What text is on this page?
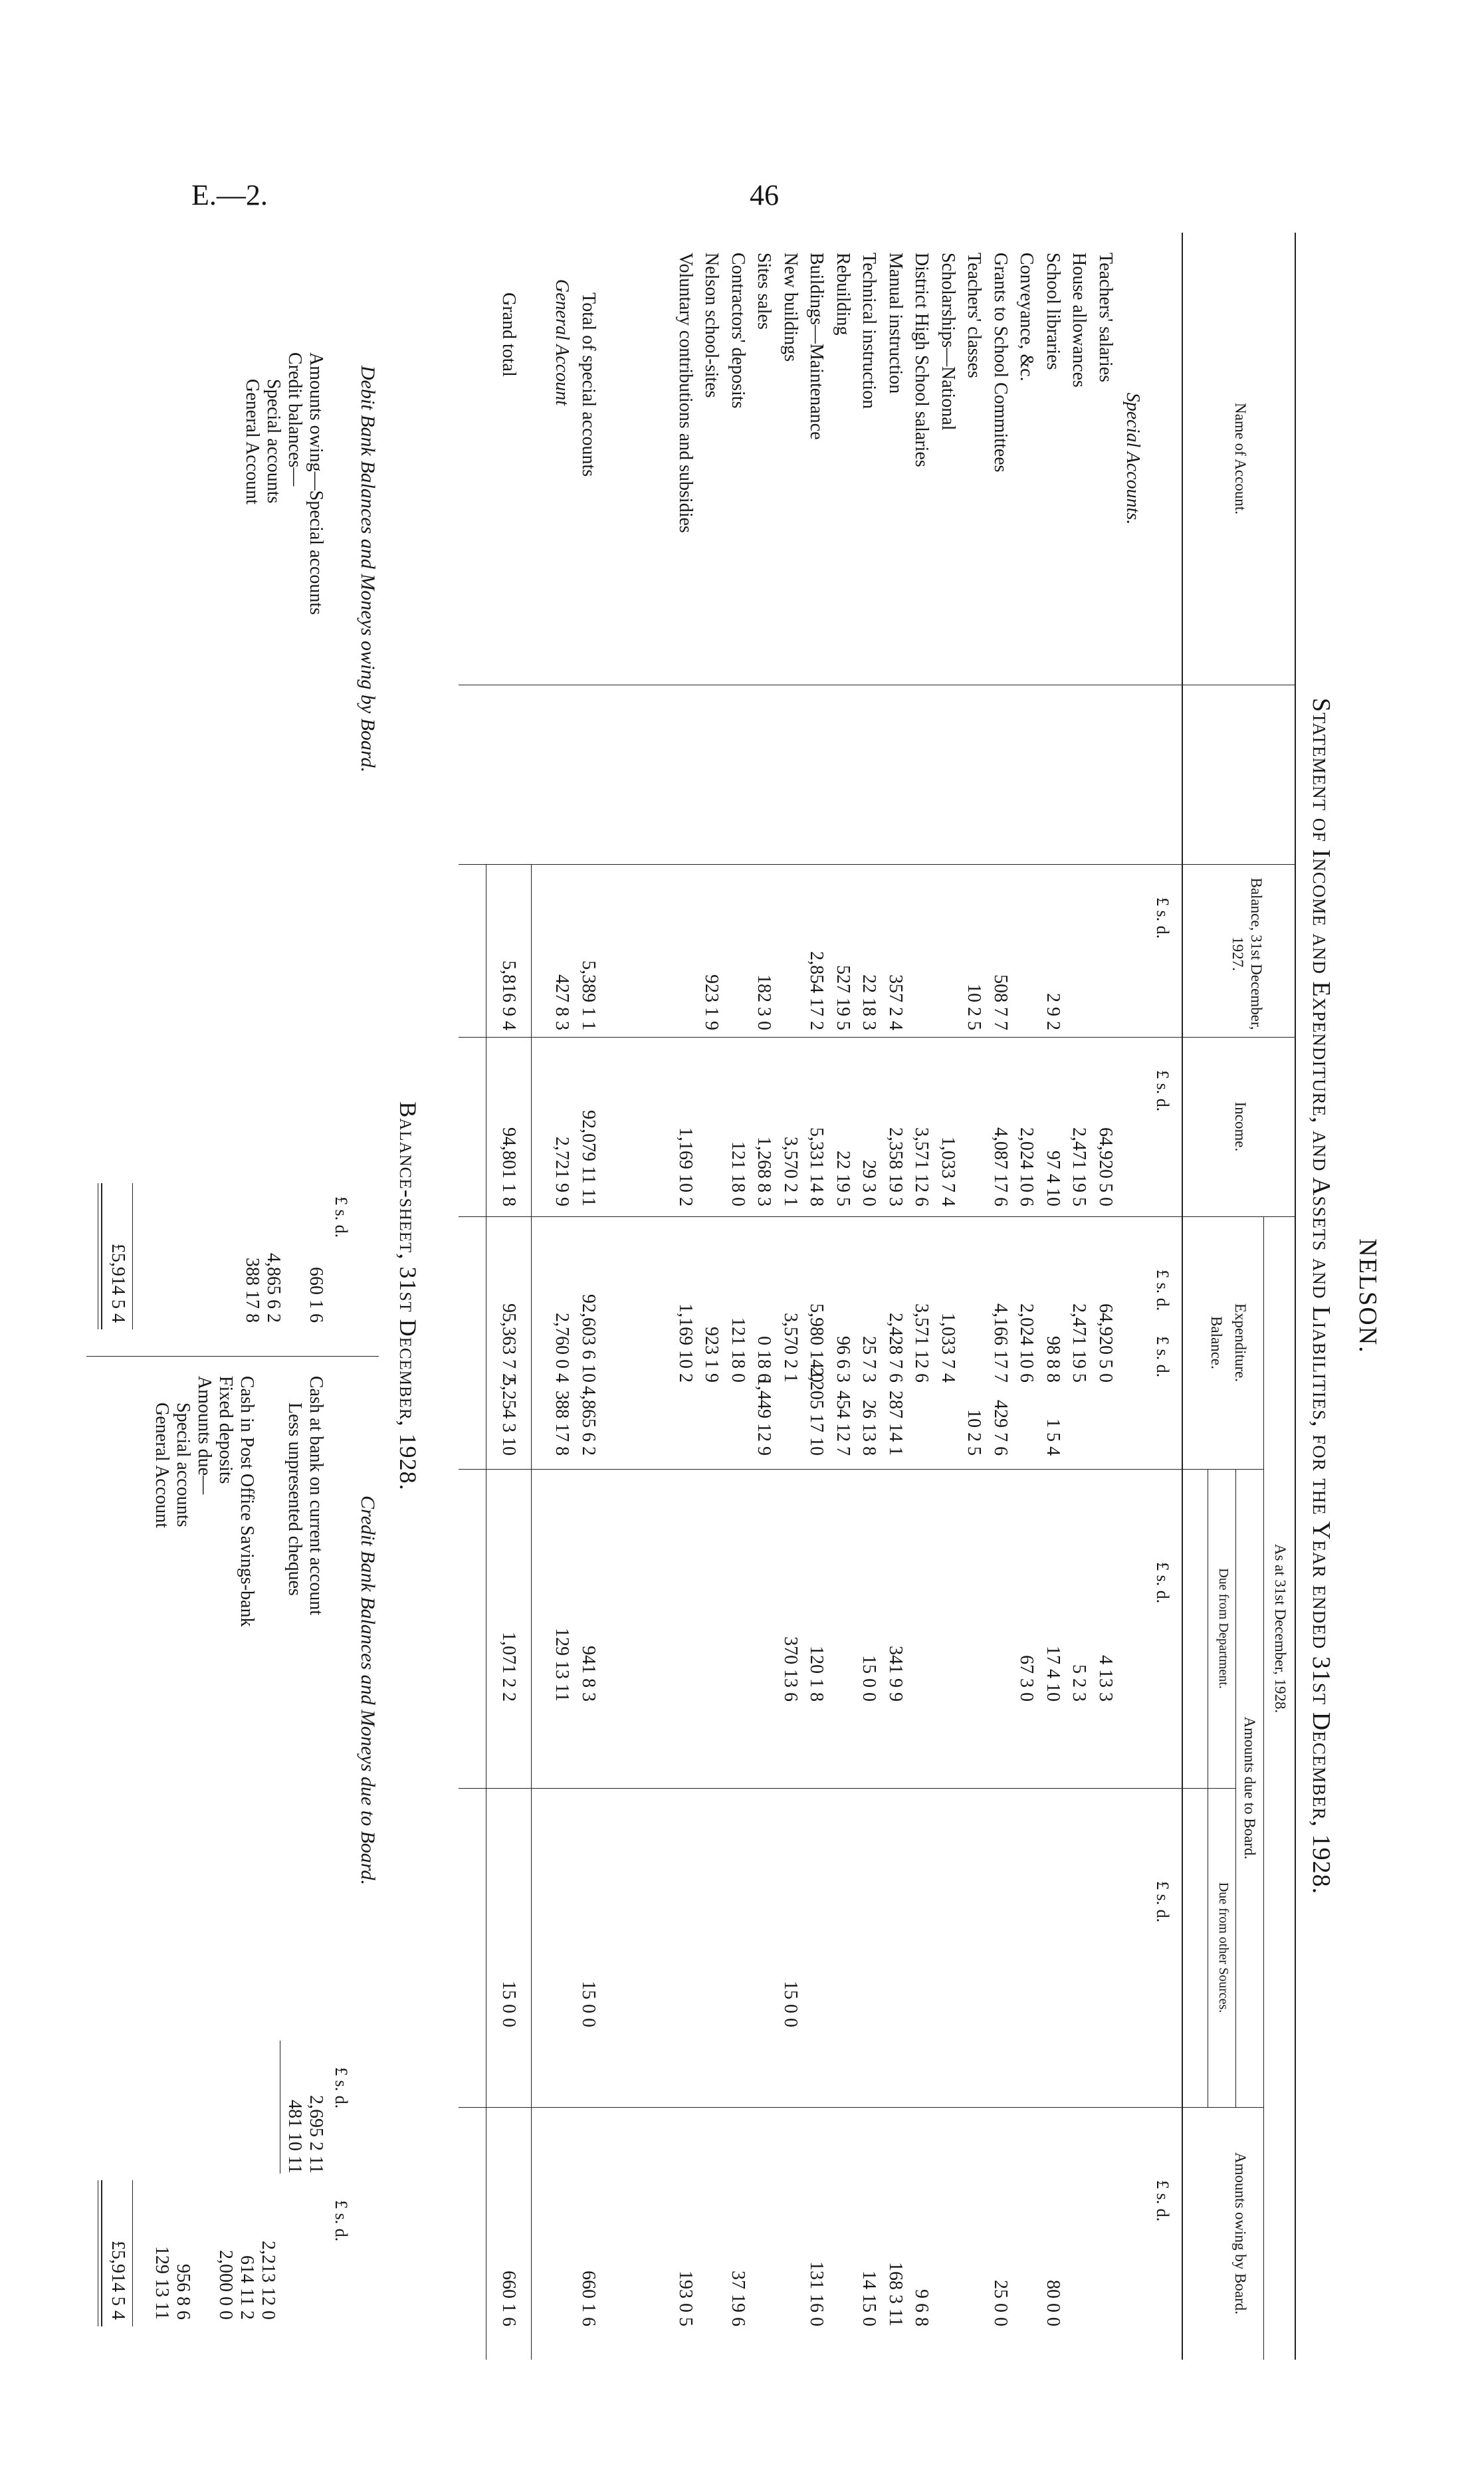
E.—2.	46
NELSON.
Statement of Income and Expenditure, and Assets and Liabilities, for the Year ended 31st December, 1928.
Name of Account.
Balance, 31st December, 1927.
Income.
Expenditure.
As at 31st December, 1928.
Balance.
Amounts due to Board.
Due from Department.
Due from other Sources.
Amounts owing by Board.
£ s. d.
£ s. d.
£ s. d.
£ s. d.
£ s. d.
£ s. d.
£ s. d.
Special Accounts.
Teachers' salaries
64,920 5 0
64,920 5 0
4 13 3
House allowances
2,471 19 5
2,471 19 5
5 2 3
School libraries
2 9 2
97 4 10
98 8 8
1 5 4
17 4 10
80 0 0
Conveyance, &c.
2,024 10 6
2,024 10 6
67 3 0
Grants to School Committees
508 7 7
4,087 17 6
4,166 17 7
429 7 6
25 0 0
Teachers' classes
10 2 5
10 2 5
Scholarships—National
1,033 7 4
1,033 7 4
District High School salaries
3,571 12 6
3,571 12 6
9 6 8
Manual instruction
357 2 4
2,358 19 3
2,428 7 6
287 14 1
341 9 9
168 3 11
Technical instruction
22 18 3
29 3 0
25 7 3
26 13 8
15 0 0
14 15 0
Rebuilding
527 19 5
22 19 5
96 6 3
454 12 7
Buildings—Maintenance
2,854 17 2
5,331 14 8
5,980 14 0
2,205 17 10
120 1 8
131 16 0
New buildings
3,570 2 1
3,570 2 1
370 13 6
15 0 0
Sites sales
182 3 0
1,268 8 3
0 18 6
1,449 12 9
Contractors' deposits
121 18 0
121 18 0
37 19 6
Nelson school-sites
923 1 9
923 1 9
Voluntary contributions and subsidies
1,169 10 2
1,169 10 2
193 0 5
Total of special accounts
5,389 1 1
92,079 11 11
92,603 6 10
4,865 6 2
941 8 3
15 0 0
660 1 6
General Account
427 8 3
2,721 9 9
2,760 0 4
388 17 8
129 13 11
Grand total
5,816 9 4
94,801 1 8
95,363 7 2
5,254 3 10
1,071 2 2
15 0 0
660 1 6
Balance-sheet, 31st December, 1928.
Debit Bank Balances and Moneys owing by Board.
Credit Bank Balances and Moneys due to Board.
£ s. d.
Amounts owing—Special accounts
660 1 6
Credit balances—
Special accounts
4,865 6 2
General Account
388 17 8
£5,914 5 4
£ s. d.
£ s. d.
Cash at bank on current account
2,695 2 11
Less unpresented cheques
481 10 11
2,213 12 0
Cash in Post Office Savings-bank
614 11 2
Fixed deposits
2,000 0 0
Amounts due—
Special accounts
956 8 6
General Account
129 13 11
£5,914 5 4
